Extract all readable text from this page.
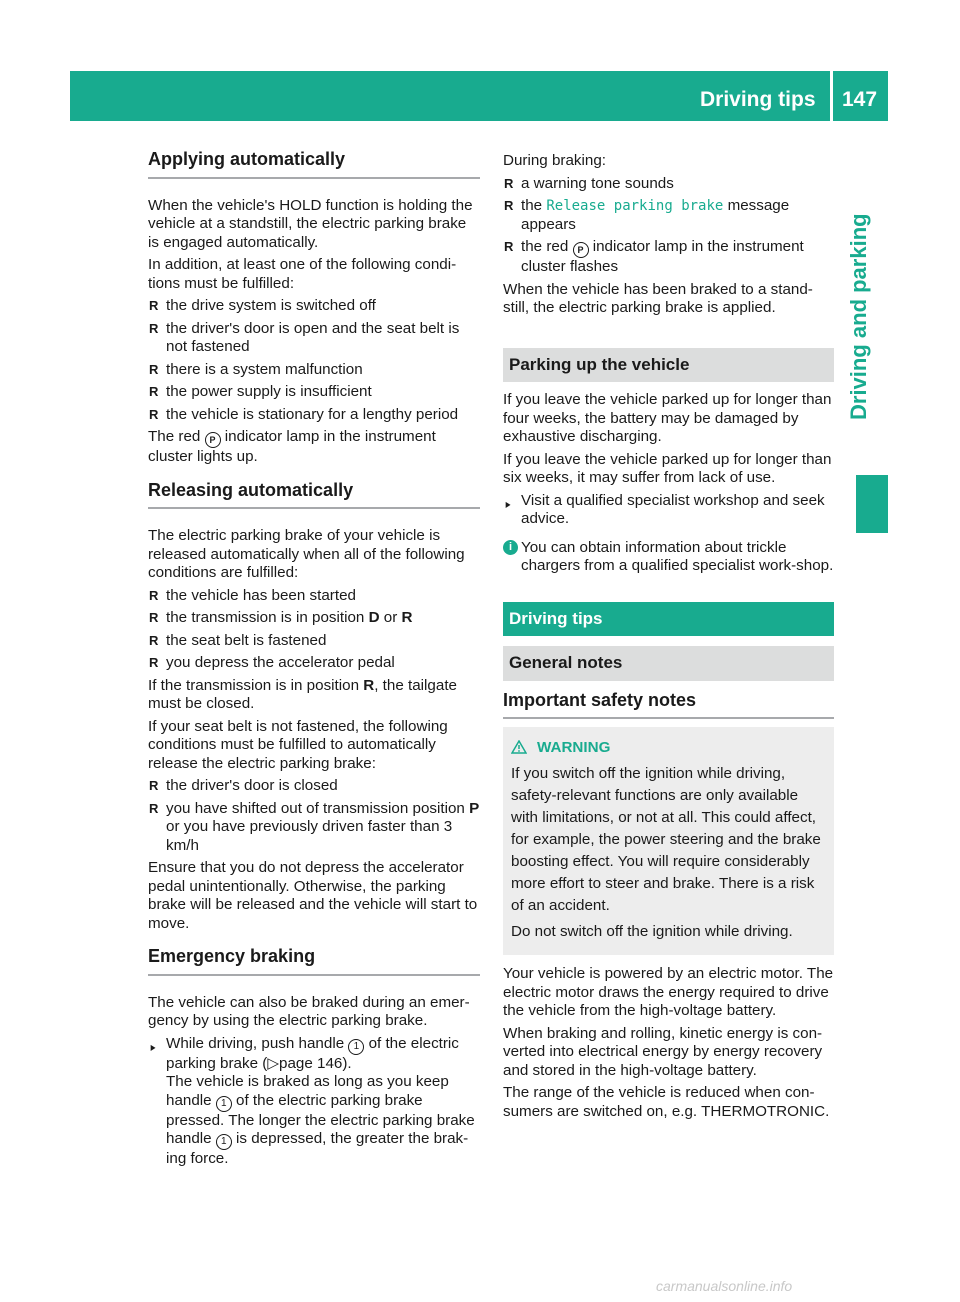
Driving tips 147
Driving and parking
Applying automatically

When the vehicle's HOLD function is holding the vehicle at a standstill, the electric parking brake is engaged automatically.

In addition, at least one of the following condi-tions must be fulfilled:

R the drive system is switched off
R the driver's door is open and the seat belt is not fastened
R there is a system malfunction
R the power supply is insufficient
R the vehicle is stationary for a lengthy period

The red P indicator lamp in the instrument cluster lights up.

Releasing automatically

The electric parking brake of your vehicle is released automatically when all of the following conditions are fulfilled:

R the vehicle has been started
R the transmission is in position D or R
R the seat belt is fastened
R you depress the accelerator pedal

If the transmission is in position R, the tailgate must be closed.

If your seat belt is not fastened, the following conditions must be fulfilled to automatically release the electric parking brake:

R the driver's door is closed
R you have shifted out of transmission position P or you have previously driven faster than 3 km/h

Ensure that you do not depress the accelerator pedal unintentionally. Otherwise, the parking brake will be released and the vehicle will start to move.

Emergency braking

The vehicle can also be braked during an emer-gency by using the electric parking brake.

▶ While driving, push handle 1 of the electric parking brake (▷page 146).
The vehicle is braked as long as you keep handle 1 of the electric parking brake pressed. The longer the electric parking brake handle 1 is depressed, the greater the brak-ing force.

During braking:

R a warning tone sounds
R the Release parking brake message appears
R the red P indicator lamp in the instrument cluster flashes

When the vehicle has been braked to a stand-still, the electric parking brake is applied.

Parking up the vehicle

If you leave the vehicle parked up for longer than four weeks, the battery may be damaged by exhaustive discharging.

If you leave the vehicle parked up for longer than six weeks, it may suffer from lack of use.

▶ Visit a qualified specialist workshop and seek advice.
i You can obtain information about trickle chargers from a qualified specialist work-shop.
Driving tips
General notes
Important safety notes
WARNING

If you switch off the ignition while driving, safety-relevant functions are only available with limitations, or not at all. This could affect, for example, the power steering and the brake boosting effect. You will require considerably more effort to steer and brake. There is a risk of an accident.

Do not switch off the ignition while driving.

Your vehicle is powered by an electric motor. The electric motor draws the energy required to drive the vehicle from the high-voltage battery.

When braking and rolling, kinetic energy is con-verted into electrical energy by energy recovery and stored in the high-voltage battery.

The range of the vehicle is reduced when con-sumers are switched on, e.g. THERMOTRONIC.

carmanualsonline.info
